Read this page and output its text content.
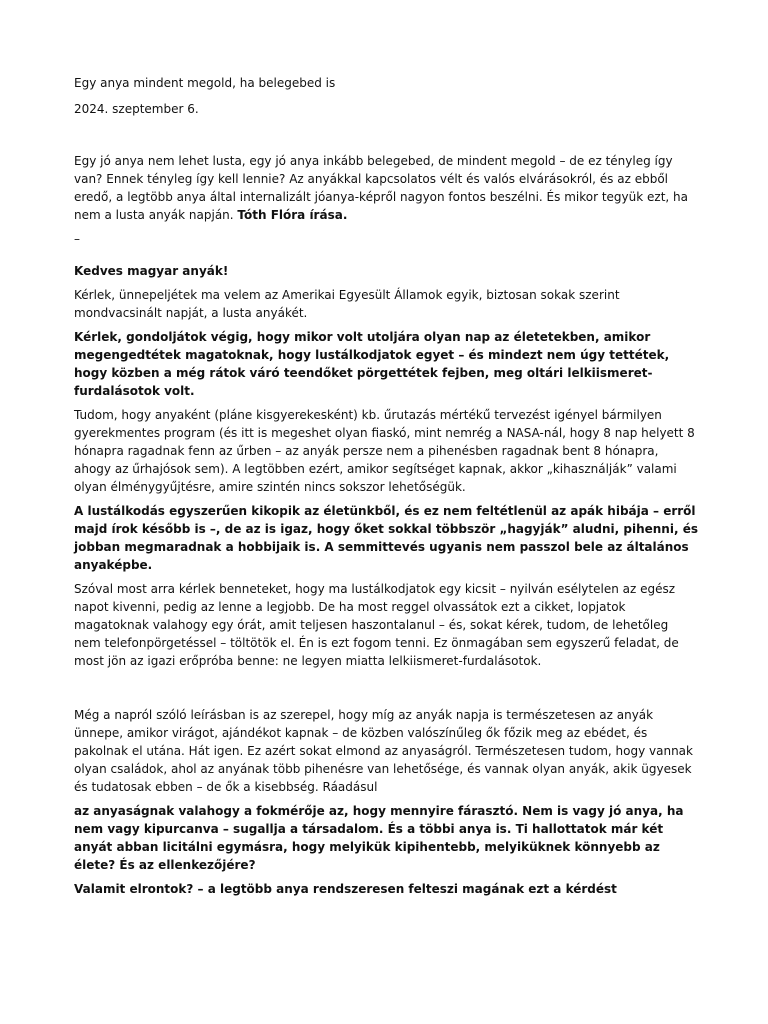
Egy anya mindent megold, ha belegebed is

2024. szeptember 6.

Egy jó anya nem lehet lusta, egy jó anya inkább belegebed, de mindent megold – de ez tényleg így van? Ennek tényleg így kell lennie? Az anyákkal kapcsolatos vélt és valós elvárásokról, és az ebből eredő, a legtöbb anya által internalizált jóanya-képről nagyon fontos beszélni. És mikor tegyük ezt, ha nem a lusta anyák napján. Tóth Flóra írása.

–

Kedves magyar anyák!

Kérlek, ünnepeljétek ma velem az Amerikai Egyesült Államok egyik, biztosan sokak szerint mondvacsinált napját, a lusta anyákét.

Kérlek, gondoljátok végig, hogy mikor volt utoljára olyan nap az életetekben, amikor megengedtétek magatoknak, hogy lustálkodjatok egyet – és mindezt nem úgy tettétek, hogy közben a még rátok váró teendőket pörgettétek fejben, meg oltári lelkiismeret-furdalásotok volt.

Tudom, hogy anyaként (pláne kisgyerekesként) kb. űrutazás mértékű tervezést igényel bármilyen gyerekmentes program (és itt is megeshet olyan fiaskó, mint nemrég a NASA-nál, hogy 8 nap helyett 8 hónapra ragadnak fenn az űrben – az anyák persze nem a pihenésben ragadnak bent 8 hónapra, ahogy az űrhajósok sem). A legtöbben ezért, amikor segítséget kapnak, akkor „kihasználják” valami olyan élménygyűjtésre, amire szintén nincs sokszor lehetőségük.

A lustálkodás egyszerűen kikopik az életünkből, és ez nem feltétlenül az apák hibája – erről majd írok később is –, de az is igaz, hogy őket sokkal többször „hagyják” aludni, pihenni, és jobban megmaradnak a hobbijaik is. A semmittevés ugyanis nem passzol bele az általános anyaképbe.

Szóval most arra kérlek benneteket, hogy ma lustálkodjatok egy kicsit – nyilván esélytelen az egész napot kivenni, pedig az lenne a legjobb. De ha most reggel olvassátok ezt a cikket, lopjatok magatoknak valahogy egy órát, amit teljesen haszontalanul – és, sokat kérek, tudom, de lehetőleg nem telefonpörgetéssel – töltötök el. Én is ezt fogom tenni. Ez önmagában sem egyszerű feladat, de most jön az igazi erőpróba benne: ne legyen miatta lelkiismeret-furdalásotok.

Még a napról szóló leírásban is az szerepel, hogy míg az anyák napja is természetesen az anyák ünnepe, amikor virágot, ajándékot kapnak – de közben valószínűleg ők főzik meg az ebédet, és pakolnak el utána. Hát igen. Ez azért sokat elmond az anyaságról. Természetesen tudom, hogy vannak olyan családok, ahol az anyának több pihenésre van lehetősége, és vannak olyan anyák, akik ügyesek és tudatosak ebben – de ők a kisebbség. Ráadásul

az anyaságnak valahogy a fokmérője az, hogy mennyire fárasztó. Nem is vagy jó anya, ha nem vagy kipurcanva – sugallja a társadalom. És a többi anya is. Ti hallottatok már két anyát abban licitálni egymásra, hogy melyikük kipihentebb, melyiküknek könnyebb az élete? És az ellenkezőjére?

Valamit elrontok? – a legtöbb anya rendszeresen felteszi magának ezt a kérdést
